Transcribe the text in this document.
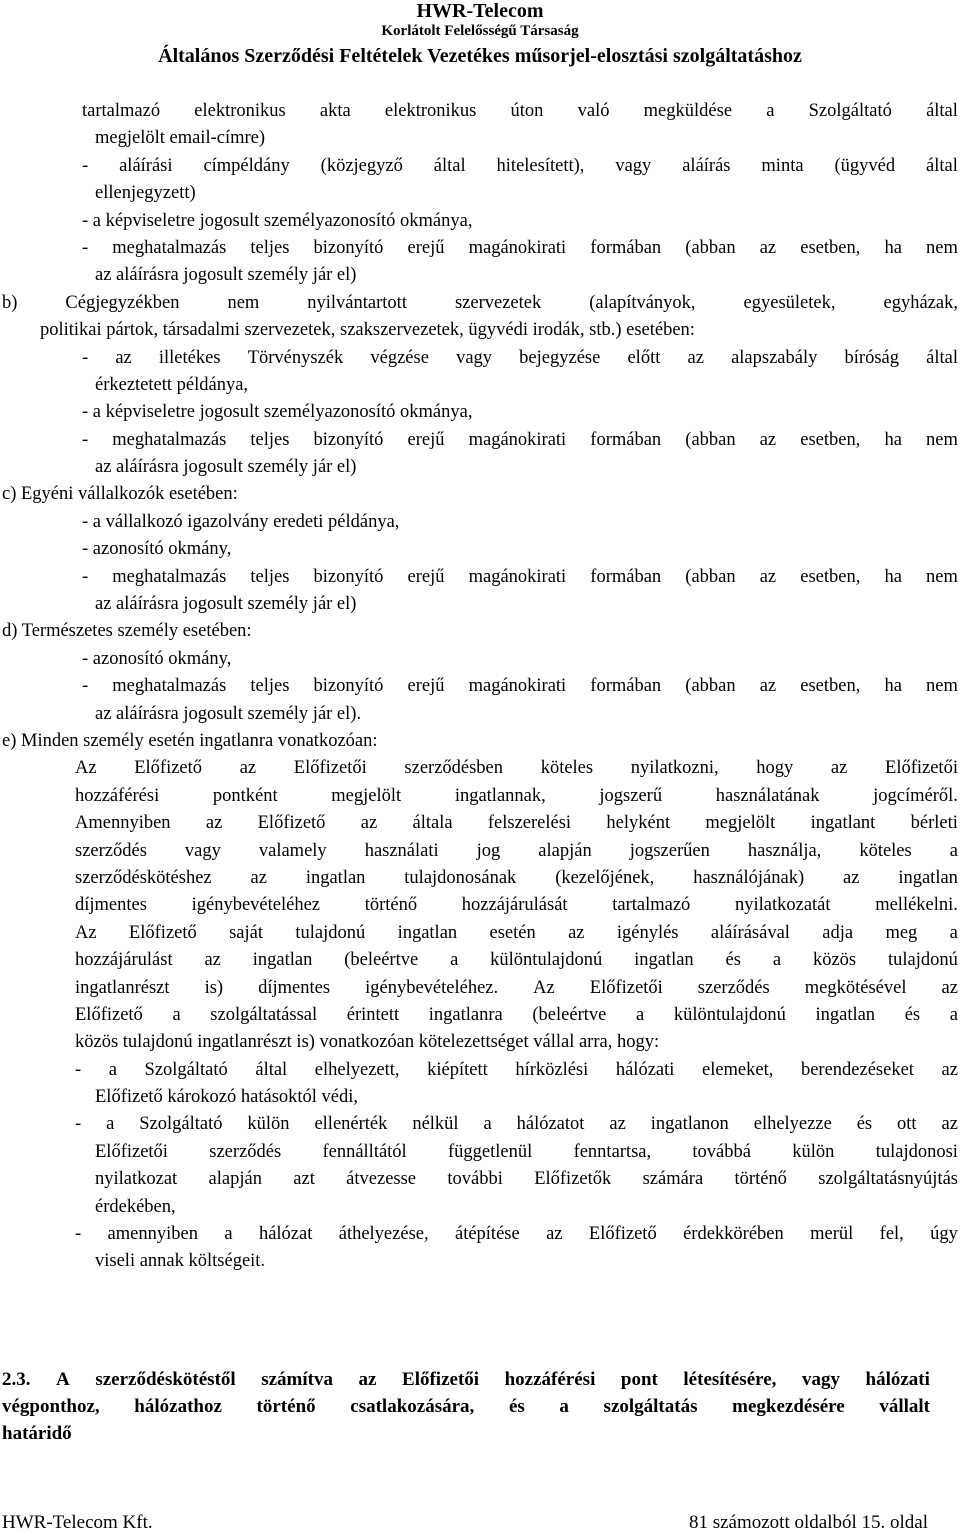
HWR-Telecom
Korlátolt Felelősségű Társaság
Általános Szerződési Feltételek Vezetékes műsorjel-elosztási szolgáltatáshoz
tartalmazó elektronikus akta elektronikus úton való megküldése a Szolgáltató által
megjelölt email-címre)
- aláírási címpéldány (közjegyző által hitelesített), vagy aláírás minta (ügyvéd által
ellenjegyzett)
- a képviseletre jogosult személyazonosító okmánya,
- meghatalmazás teljes bizonyító erejű magánokirati formában (abban az esetben, ha nem
az aláírásra jogosult személy jár el)
b)	Cégjegyzékben	nem	nyilvántartott	szervezetek	(alapítványok,	egyesületek,	egyházak,
politikai pártok, társadalmi szervezetek, szakszervezetek, ügyvédi irodák, stb.) esetében:
- az illetékes Törvényszék végzése vagy bejegyzése előtt az alapszabály bíróság által
érkeztetett példánya,
- a képviseletre jogosult személyazonosító okmánya,
- meghatalmazás teljes bizonyító erejű magánokirati formában (abban az esetben, ha nem
az aláírásra jogosult személy jár el)
c) Egyéni vállalkozók esetében:
- a vállalkozó igazolvány eredeti példánya,
- azonosító okmány,
- meghatalmazás teljes bizonyító erejű magánokirati formában (abban az esetben, ha nem
az aláírásra jogosult személy jár el)
d) Természetes személy esetében:
- azonosító okmány,
- meghatalmazás teljes bizonyító erejű magánokirati formában (abban az esetben, ha nem
az aláírásra jogosult személy jár el).
e) Minden személy esetén ingatlanra vonatkozóan:
Az Előfizető az Előfizetői szerződésben köteles nyilatkozni, hogy az Előfizetői
hozzáférési	pontként	megjelölt	ingatlannak,	jogszerű	használatának	jogcíméről.
Amennyiben az Előfizető az általa felszerelési helyként megjelölt ingatlant bérleti
szerződés vagy valamely használati jog alapján jogszerűen használja, köteles a
szerződéskötéshez az ingatlan tulajdonosának (kezelőjének, használójának) az ingatlan
díjmentes igénybevételéhez történő hozzájárulását tartalmazó nyilatkozatát mellékelni.
Az Előfizető saját tulajdonú ingatlan esetén az igénylés aláírásával adja meg a
hozzájárulást az ingatlan (beleértve a különtulajdonú ingatlan és a közös tulajdonú
ingatlanrészt is) díjmentes igénybevételéhez. Az Előfizetői szerződés megkötésével az
Előfizető a szolgáltatással érintett ingatlanra (beleértve a különtulajdonú ingatlan és a
közös tulajdonú ingatlanrészt is) vonatkozóan kötelezettséget vállal arra, hogy:
- a Szolgáltató által elhelyezett, kiépített hírközlési hálózati elemeket, berendezéseket az
Előfizető károkozó hatásoktól védi,
- a Szolgáltató külön ellenérték nélkül a hálózatot az ingatlanon elhelyezze és ott az
Előfizetői szerződés fennálltától függetlenül fenntartsa, továbbá külön tulajdonosi
nyilatkozat alapján azt átvezesse további Előfizetők számára történő szolgáltatásnyújtás
érdekében,
- amennyiben a hálózat áthelyezése, átépítése az Előfizető érdekkörében merül fel, úgy
viseli annak költségeit.
2.3. A szerződéskötéstől számítva az Előfizetői hozzáférési pont létesítésére, vagy hálózati
végponthoz, hálózathoz történő csatlakozására, és a szolgáltatás megkezdésére vállalt
határidő
HWR-Telecom Kft.	81 számozott oldalból 15. oldal
